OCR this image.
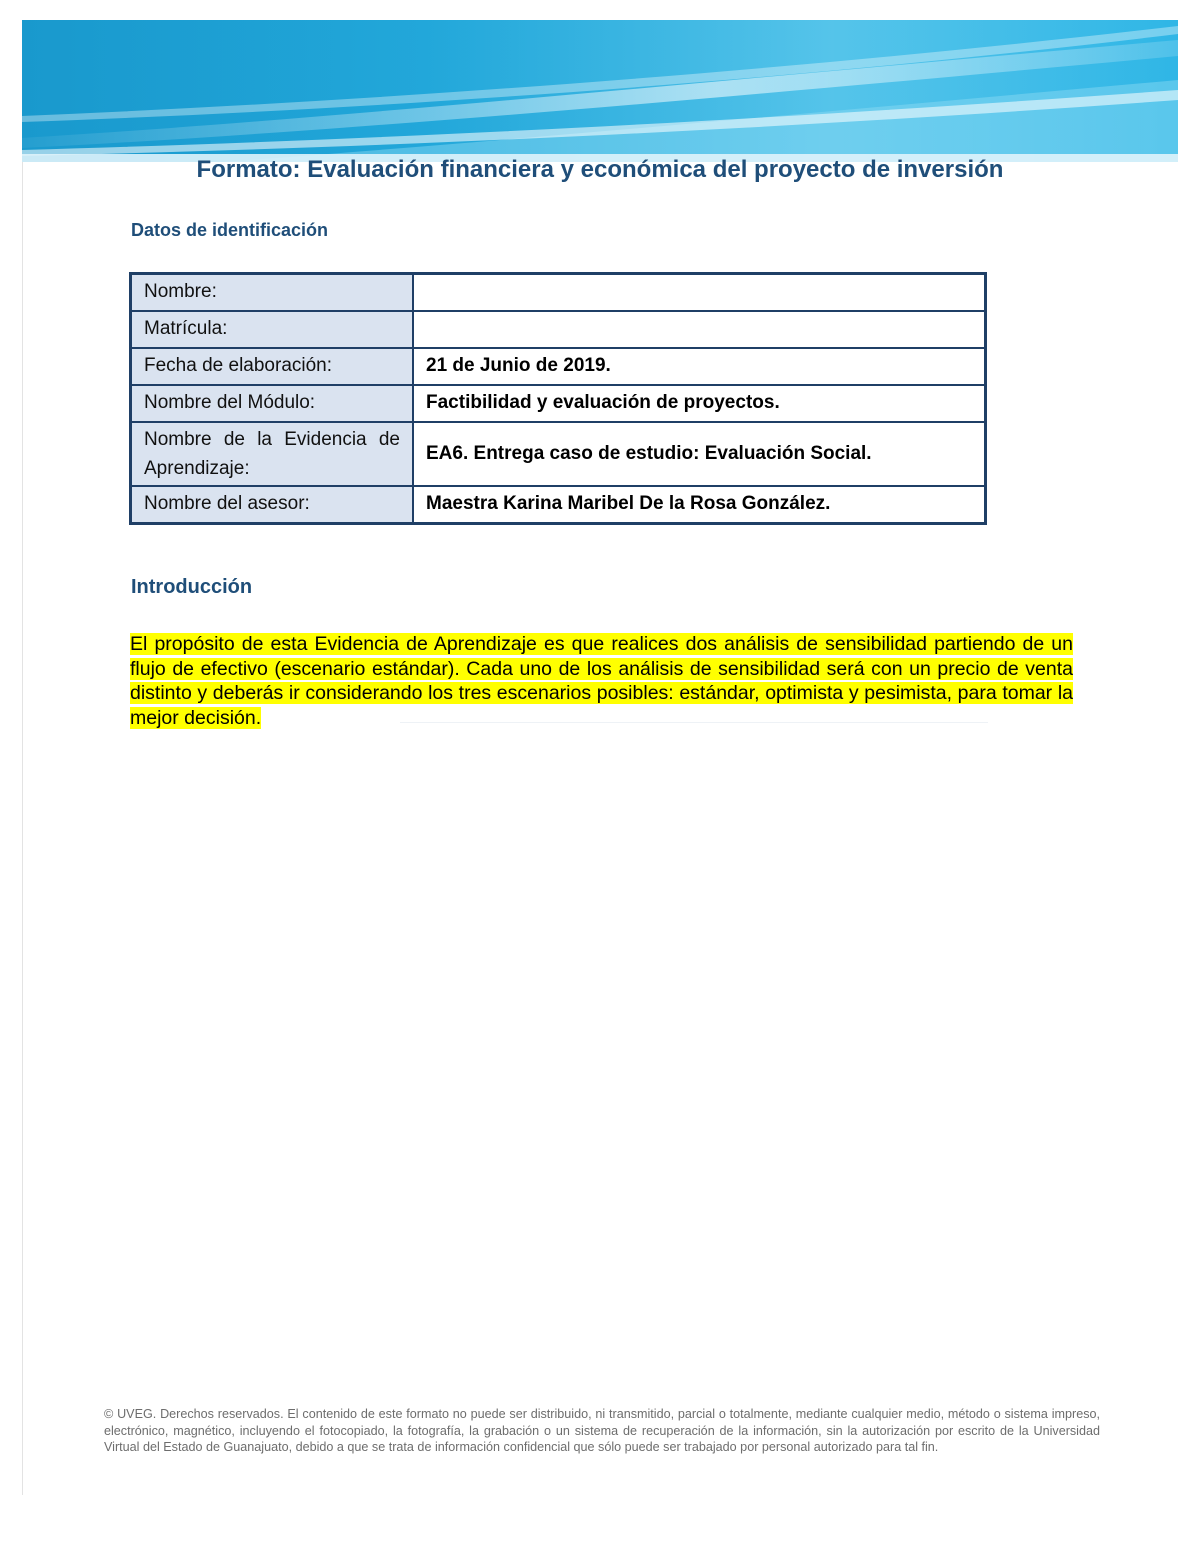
Formato: Evaluación financiera y económica del proyecto de inversión
Datos de identificación
Nombre:	
Matrícula:	
Fecha de elaboración:	21 de Junio de 2019.
Nombre del Módulo:	Factibilidad y evaluación de proyectos.
Nombre de la Evidencia de Aprendizaje:	EA6. Entrega caso de estudio: Evaluación Social.
Nombre del asesor:	Maestra Karina Maribel De la Rosa González.
Introducción

El propósito de esta Evidencia de Aprendizaje es que realices dos análisis de sensibilidad partiendo de un flujo de efectivo (escenario estándar). Cada uno de los análisis de sensibilidad será con un precio de venta distinto y deberás ir considerando los tres escenarios posibles: estándar, optimista y pesimista, para tomar la mejor decisión.

© UVEG. Derechos reservados. El contenido de este formato no puede ser distribuido, ni transmitido, parcial o totalmente, mediante cualquier medio, método o sistema impreso, electrónico, magnético, incluyendo el fotocopiado, la fotografía, la grabación o un sistema de recuperación de la información, sin la autorización por escrito de la Universidad Virtual del Estado de Guanajuato, debido a que se trata de información confidencial que sólo puede ser trabajado por personal autorizado para tal fin.
